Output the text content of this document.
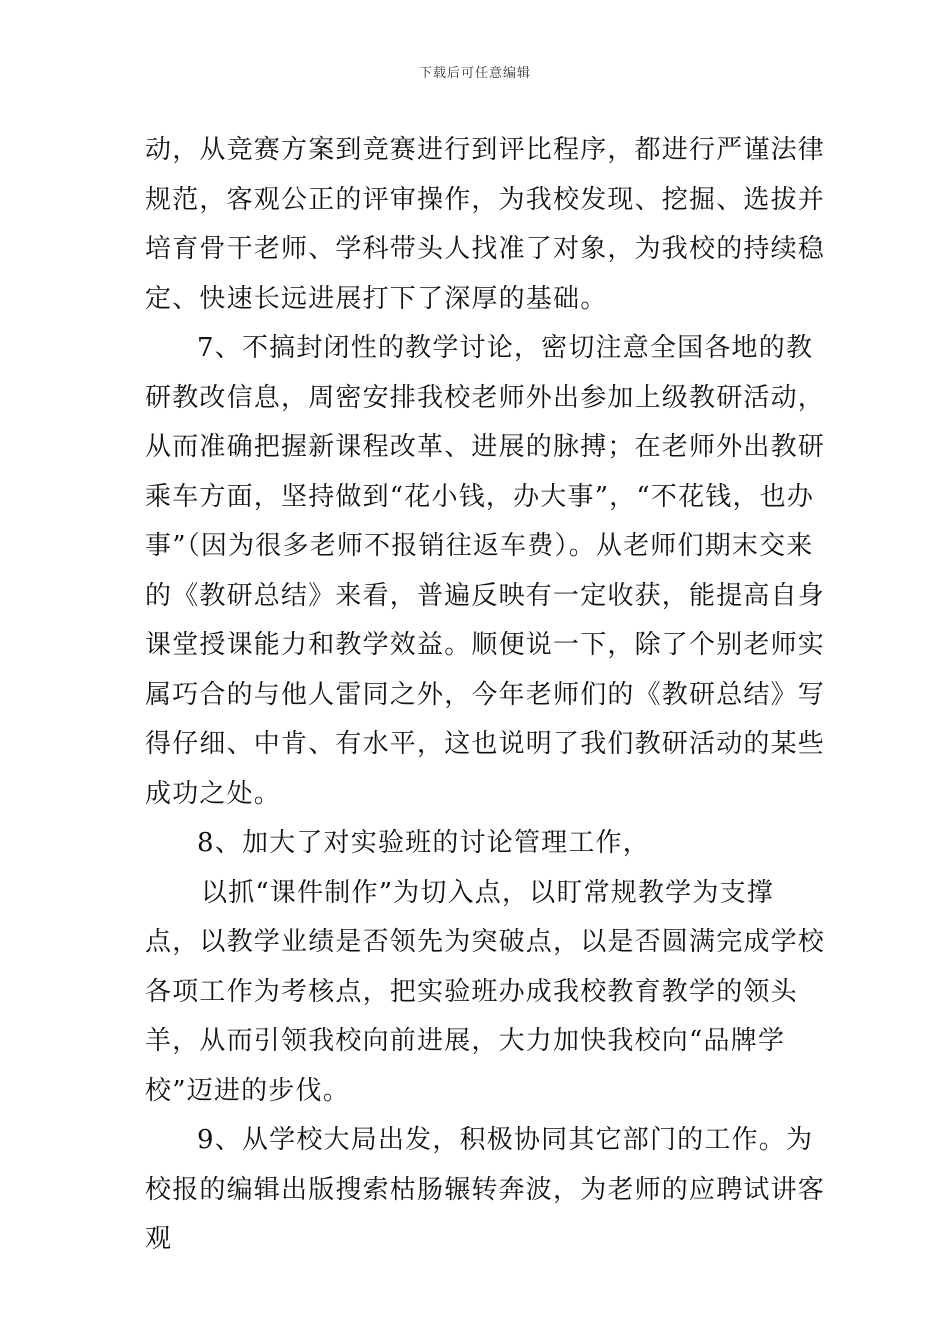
下载后可任意编辑

动，从竞赛方案到竞赛进行到评比程序，都进行严谨法律规范，客观公正的评审操作，为我校发现、挖掘、选拔并培育骨干老师、学科带头人找准了对象，为我校的持续稳定、快速长远进展打下了深厚的基础。

7、不搞封闭性的教学讨论，密切注意全国各地的教研教改信息，周密安排我校老师外出参加上级教研活动，从而准确把握新课程改革、进展的脉搏；在老师外出教研乘车方面，坚持做到“花小钱，办大事”，“不花钱，也办事”（因为很多老师不报销往返车费）。从老师们期末交来的《教研总结》来看，普遍反映有一定收获，能提高自身课堂授课能力和教学效益。顺便说一下，除了个别老师实属巧合的与他人雷同之外，今年老师们的《教研总结》写得仔细、中肯、有水平，这也说明了我们教研活动的某些成功之处。

8、加大了对实验班的讨论管理工作，

以抓“课件制作”为切入点，以盯常规教学为支撑点，以教学业绩是否领先为突破点，以是否圆满完成学校各项工作为考核点，把实验班办成我校教育教学的领头羊，从而引领我校向前进展，大力加快我校向“品牌学校”迈进的步伐。

9、从学校大局出发，积极协同其它部门的工作。为校报的编辑出版搜索枯肠辗转奔波，为老师的应聘试讲客观
